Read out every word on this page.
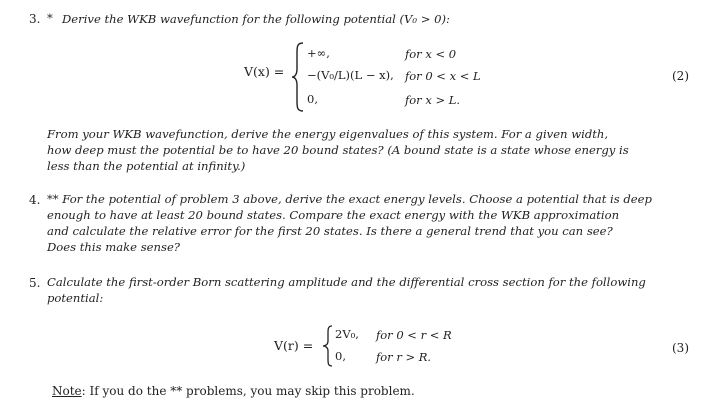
3. * Derive the WKB wavefunction for the following potential (V₀ > 0):
V(x) =
+∞,	for x < 0
−(V₀/L)(L − x), for 0 < x < L
0,	for x > L.
(2)
From your WKB wavefunction, derive the energy eigenvalues of this system. For a given width,
how deep must the potential be to have 20 bound states? (A bound state is a state whose energy is
less than the potential at infinity.)
4. ** For the potential of problem 3 above, derive the exact energy levels. Choose a potential that is deep
enough to have at least 20 bound states. Compare the exact energy with the WKB approximation
and calculate the relative error for the first 20 states. Is there a general trend that you can see?
Does this make sense?
5. Calculate the first-order Born scattering amplitude and the differential cross section for the following
potential:
V(r) =
2V₀, for 0 < r < R
0,	for r > R.
(3)
Note: If you do the ** problems, you may skip this problem.
